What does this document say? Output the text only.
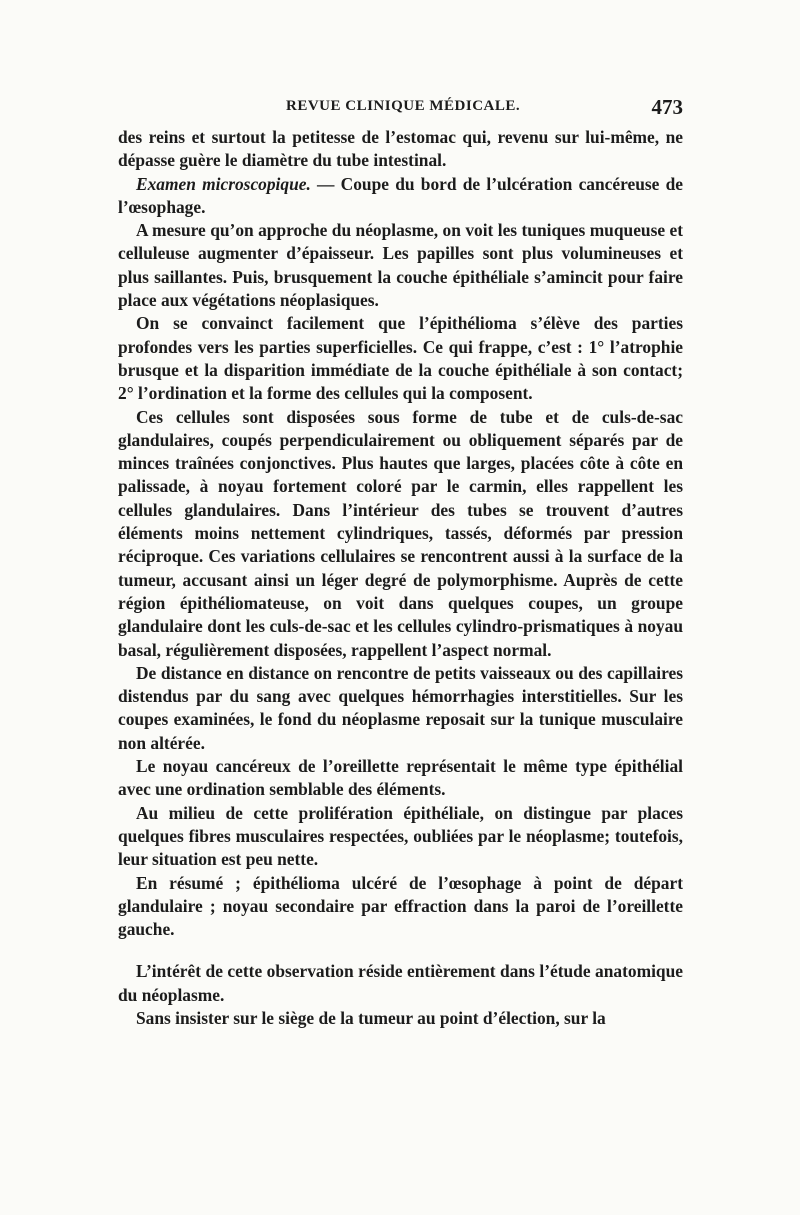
REVUE CLINIQUE MÉDICALE.	473

des reins et surtout la petitesse de l’estomac qui, revenu sur lui-même, ne dépasse guère le diamètre du tube intestinal.

Examen microscopique. — Coupe du bord de l’ulcération cancéreuse de l’œsophage.

A mesure qu’on approche du néoplasme, on voit les tuniques muqueuse et celluleuse augmenter d’épaisseur. Les papilles sont plus volumineuses et plus saillantes. Puis, brusquement la couche épithéliale s’amincit pour faire place aux végétations néoplasiques.

On se convainct facilement que l’épithélioma s’élève des parties profondes vers les parties superficielles. Ce qui frappe, c’est : 1° l’atrophie brusque et la disparition immédiate de la couche épithéliale à son contact; 2° l’ordination et la forme des cellules qui la composent.

Ces cellules sont disposées sous forme de tube et de culs-de-sac glandulaires, coupés perpendiculairement ou obliquement séparés par de minces traînées conjonctives. Plus hautes que larges, placées côte à côte en palissade, à noyau fortement coloré par le carmin, elles rappellent les cellules glandulaires. Dans l’intérieur des tubes se trouvent d’autres éléments moins nettement cylindriques, tassés, déformés par pression réciproque. Ces variations cellulaires se rencontrent aussi à la surface de la tumeur, accusant ainsi un léger degré de polymorphisme. Auprès de cette région épithéliomateuse, on voit dans quelques coupes, un groupe glandulaire dont les culs-de-sac et les cellules cylindro-prismatiques à noyau basal, régulièrement disposées, rappellent l’aspect normal.

De distance en distance on rencontre de petits vaisseaux ou des capillaires distendus par du sang avec quelques hémorrhagies interstitielles. Sur les coupes examinées, le fond du néoplasme reposait sur la tunique musculaire non altérée.

Le noyau cancéreux de l’oreillette représentait le même type épithélial avec une ordination semblable des éléments.

Au milieu de cette prolifération épithéliale, on distingue par places quelques fibres musculaires respectées, oubliées par le néoplasme; toutefois, leur situation est peu nette.

En résumé ; épithélioma ulcéré de l’œsophage à point de départ glandulaire ; noyau secondaire par effraction dans la paroi de l’oreillette gauche.

L’intérêt de cette observation réside entièrement dans l’étude anatomique du néoplasme.

Sans insister sur le siège de la tumeur au point d’élection, sur la
